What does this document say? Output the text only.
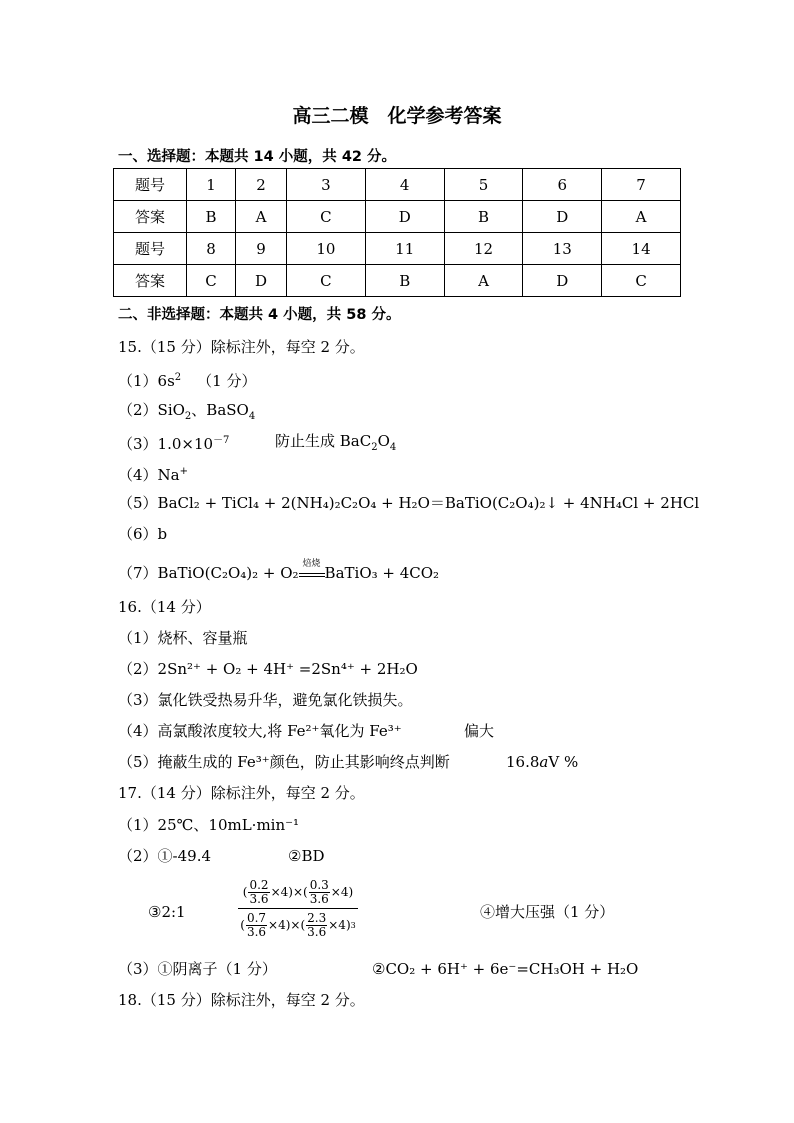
高三二模　化学参考答案
一、选择题：本题共 14 小题，共 42 分。
题号	1	2	3	4	5	6	7
答案	B	A	C	D	B	D	A
题号	8	9	10	11	12	13	14
答案	C	D	C	B	A	D	C
二、非选择题：本题共 4 小题，共 58 分。
15.（15 分）除标注外，每空 2 分。
$(1)6s^2$ （1 分）
（2）SiO$_2$、BaSO$_4$
$(3)1.0\times 10^{-7}$	防止生成 $BaC_2O_4$
（4）Na+
（5）BaCl₂ + TiCl₄ + 2(NH₄)₂C₂O₄ + H₂O＝BaTiO(C₂O₄)₂↓ + 4NH₄Cl + 2HCl
（6）b
（7）BaTiO(C₂O₄)₂ + O₂ 焙烧 BaTiO₃ + 4CO₂
16.（14 分）
（1）烧杯、容量瓶
（2）2Sn²⁺ + O₂ + 4H⁺ =2Sn⁴⁺ + 2H₂O
（3）氯化铁受热易升华，避免氯化铁损失。
（4）高氯酸浓度较大,将 Fe²⁺氧化为 Fe³⁺	偏大
（5）掩蔽生成的 Fe³⁺颜色，防止其影响终点判断	16.8aV %
17.（14 分）除标注外，每空 2 分。
（1）25℃、10mL·min⁻¹
（2）①-49.4	②BD
③2:1
( $\frac{0.2}{3.6} \times 4$ )×( $\frac{0.3}{3.6} \times 4$ )
( $\frac{0.7}{3.6} \times 4$ )×( $\frac{2.3}{3.6} \times 4$ ) 3
④增大压强（1 分）
（3）①阴离子（1 分）	②CO₂ + 6H⁺ + 6e⁻=CH₃OH + H₂O
18.（15 分）除标注外，每空 2 分。
